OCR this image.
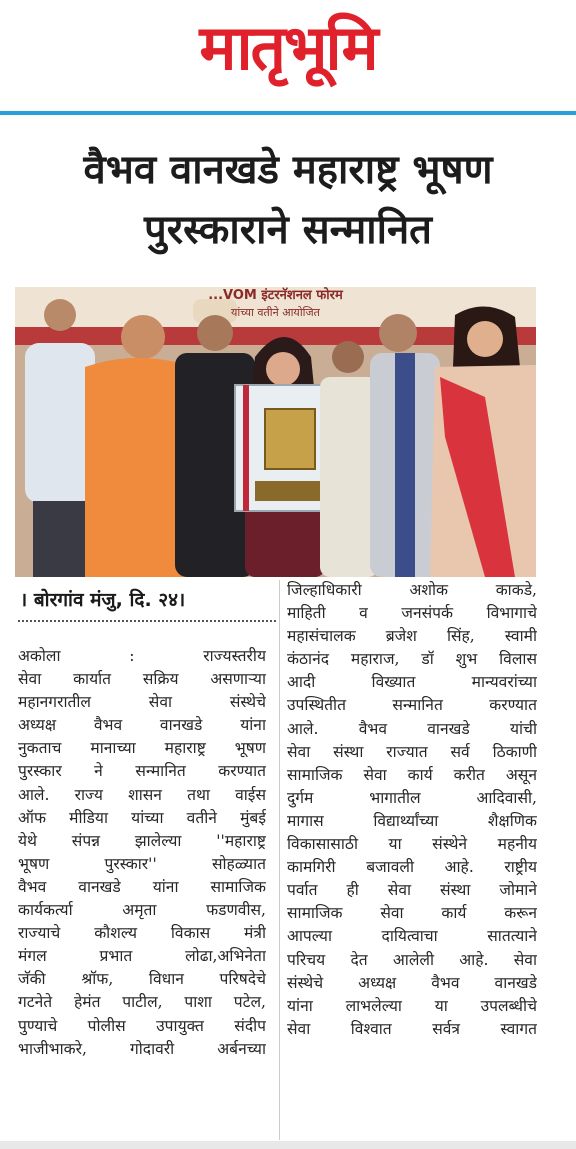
मातृभूमि
वैभव वानखडे महाराष्ट्र भूषण
पुरस्काराने सन्मानित
...VOM इंटरनॅशनल फोरम
यांच्या वतीने आयोजित
। बोरगांव मंजु, दि. २४।
अकोला : राज्यस्तरीय
सेवा कार्यात सक्रिय असणाऱ्या
महानगरातील सेवा संस्थेचे
अध्यक्ष वैभव वानखडे यांना
नुकताच मानाच्या महाराष्ट्र भूषण
पुरस्कार ने सन्मानित करण्यात
आले. राज्य शासन तथा वाईस
ऑफ मीडिया यांच्या वतीने मुंबई
येथे संपन्न झालेल्या ''महाराष्ट्र
भूषण पुरस्कार'' सोहळ्यात
वैभव वानखडे यांना सामाजिक
कार्यकर्त्या अमृता फडणवीस,
राज्याचे कौशल्य विकास मंत्री
मंगल प्रभात लोढा,अभिनेता
जॅकी श्रॉफ, विधान परिषदेचे
गटनेते हेमंत पाटील, पाशा पटेल,
पुण्याचे पोलीस उपायुक्त संदीप
भाजीभाकरे, गोदावरी अर्बनच्या
जिल्हाधिकारी अशोक काकडे,
माहिती व जनसंपर्क विभागाचे
महासंचालक ब्रजेश सिंह, स्वामी
कंठानंद महाराज, डॉ शुभ विलास
आदी विख्यात मान्यवरांच्या
उपस्थितीत सन्मानित करण्यात
आले. वैभव वानखडे यांची
सेवा संस्था राज्यात सर्व ठिकाणी
सामाजिक सेवा कार्य करीत असून
दुर्गम भागातील आदिवासी,
मागास विद्यार्थ्यांच्या शैक्षणिक
विकासासाठी या संस्थेने महनीय
कामगिरी बजावली आहे. राष्ट्रीय
पर्वात ही सेवा संस्था जोमाने
सामाजिक सेवा कार्य करून
आपल्या दायित्वाचा सातत्याने
परिचय देत आलेली आहे. सेवा
संस्थेचे अध्यक्ष वैभव वानखडे
यांना लाभलेल्या या उपलब्धीचे
सेवा विश्वात सर्वत्र स्वागत
